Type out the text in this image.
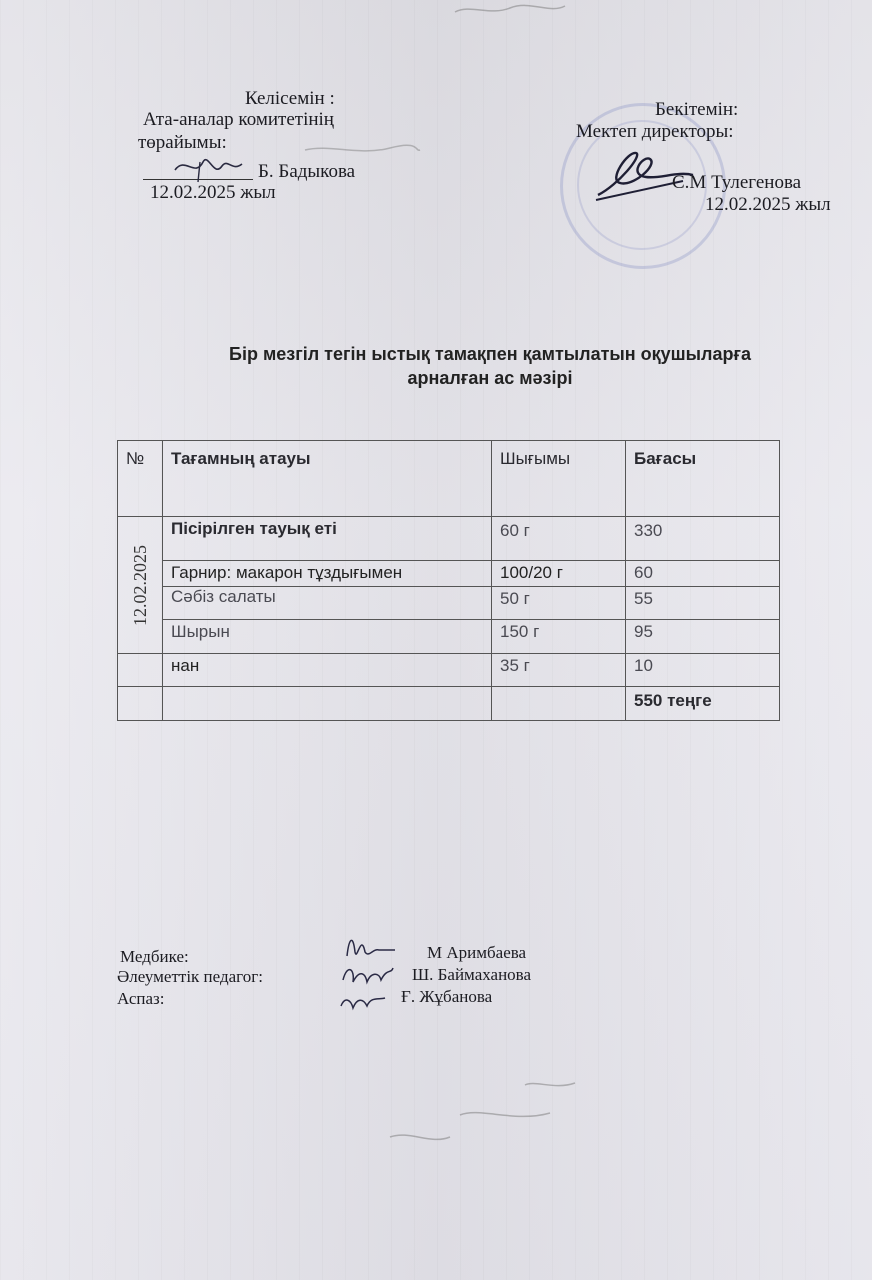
Келісемін :
Ата-аналар комитетінің
төрайымы:
Б. Бадыкова
12.02.2025 жыл
Бекітемін:
Мектеп директоры:
С.М Тулегенова
12.02.2025 жыл
Бір мезгіл тегін ыстық тамақпен қамтылатын оқушыларға
арналған ас мәзірі
№	Тағамның атауы	Шығымы	Бағасы

12.02.2025	Пісірілген тауық еті	60 г	330
	Гарнир: макарон тұздығымен	100/20 г	60
	Сәбіз салаты	50 г	55
	Шырын	150 г	95
	нан	35 г	10
			550 теңге
Медбике:
Әлеуметтік педагог:
Аспаз:
М Аримбаева
Ш. Баймаханова
Ғ. Жұбанова
